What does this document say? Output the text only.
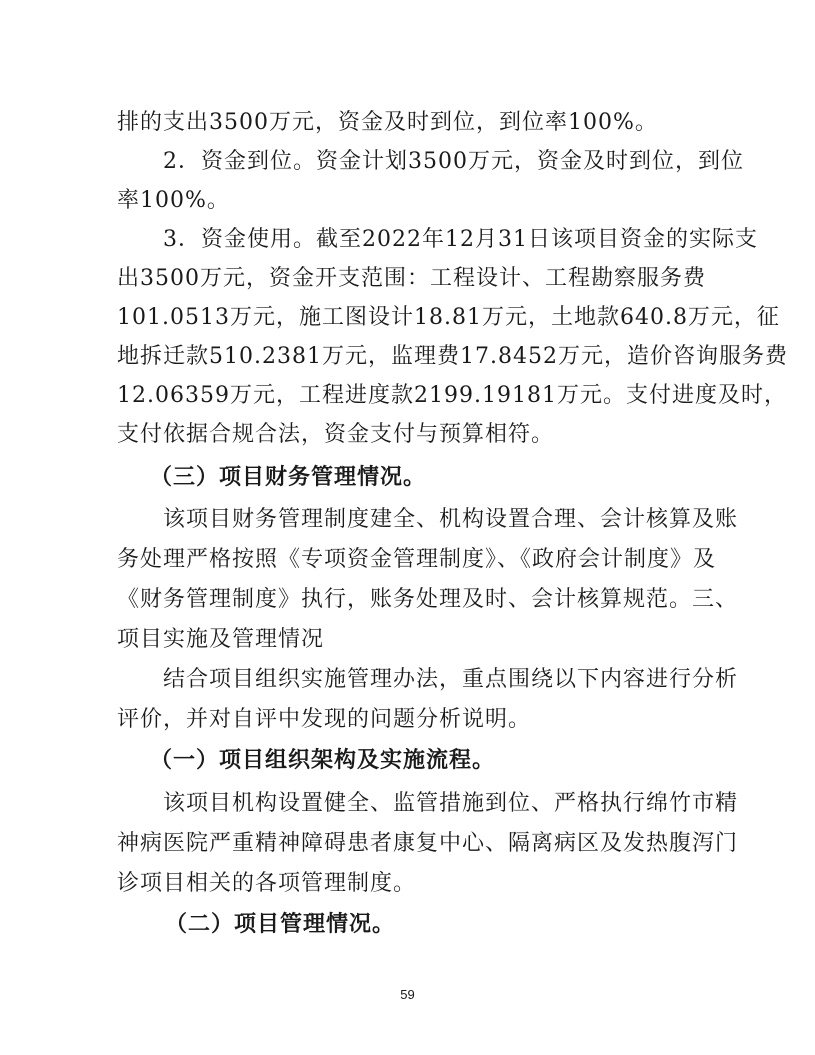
排的支出3500万元，资金及时到位，到位率100%。
2．资金到位。资金计划3500万元，资金及时到位，到位
率100%。
3．资金使用。截至2022年12月31日该项目资金的实际支
出3500万元，资金开支范围：工程设计、工程勘察服务费
101.0513万元，施工图设计18.81万元，土地款640.8万元，征
地拆迁款510.2381万元，监理费17.8452万元，造价咨询服务费
12.06359万元，工程进度款2199.19181万元。支付进度及时，
支付依据合规合法，资金支付与预算相符。
（三）项目财务管理情况。
该项目财务管理制度建全、机构设置合理、会计核算及账
务处理严格按照《专项资金管理制度》、《政府会计制度》及
《财务管理制度》执行，账务处理及时、会计核算规范。三、
项目实施及管理情况
结合项目组织实施管理办法，重点围绕以下内容进行分析
评价，并对自评中发现的问题分析说明。
（一）项目组织架构及实施流程。
该项目机构设置健全、监管措施到位、严格执行绵竹市精
神病医院严重精神障碍患者康复中心、隔离病区及发热腹泻门
诊项目相关的各项管理制度。
（二）项目管理情况。
59
